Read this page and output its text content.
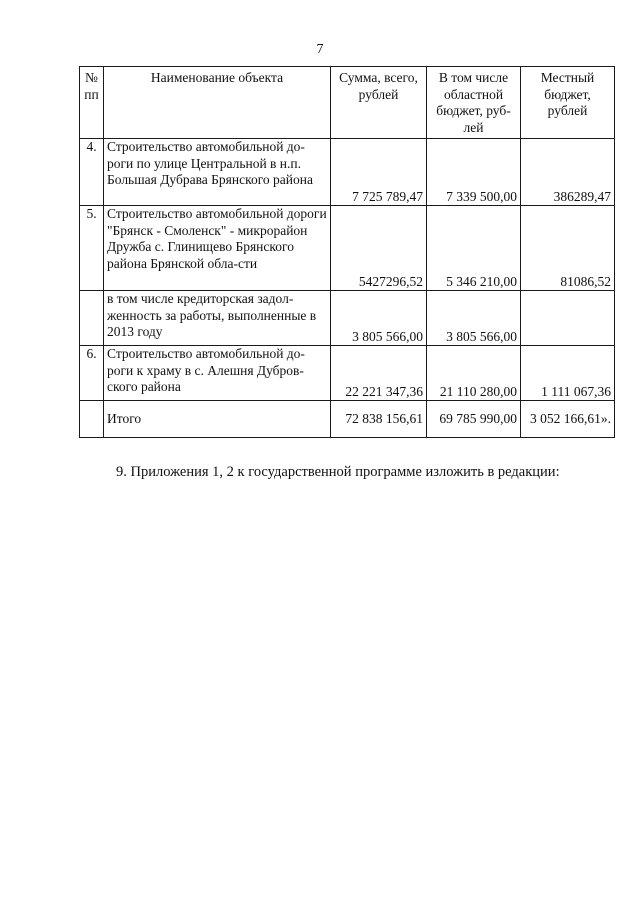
7
№ пп	Наименование объекта	Сумма, всего, рублей	В том числе областной бюджет, руб-лей	Местный бюджет, рублей
4.	Строительство автомобильной до-роги по улице Центральной в н.п. Большая Дубрава Брянского района	7 725 789,47	7 339 500,00	386289,47
5.	Строительство автомобильной дороги "Брянск - Смоленск" - микрорайон Дружба с. Глинищево Брянского района Брянской обла-сти	5427296,52	5 346 210,00	81086,52
	в том числе кредиторская задол-женность за работы, выполненные в 2013 году	3 805 566,00	3 805 566,00	
6.	Строительство автомобильной до-роги к храму в с. Алешня Дубров-ского района	22 221 347,36	21 110 280,00	1 111 067,36
	Итого	72 838 156,61	69 785 990,00	3 052 166,61».
9. Приложения 1, 2 к государственной программе изложить в редакции:
